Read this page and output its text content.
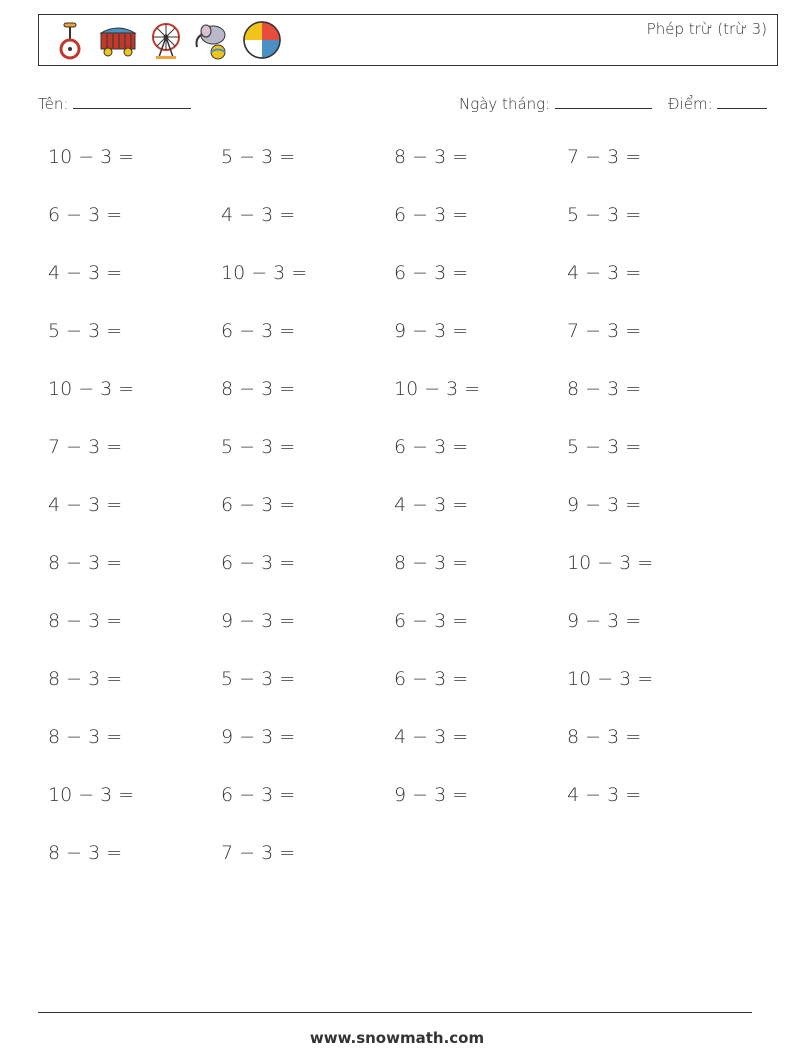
Phép trừ (trừ 3)
Tên:	Ngày tháng:	Điểm:
10 − 3 =	5 − 3 =	8 − 3 =	7 − 3 =
6 − 3 =	4 − 3 =	6 − 3 =	5 − 3 =
4 − 3 =	10 − 3 =	6 − 3 =	4 − 3 =
5 − 3 =	6 − 3 =	9 − 3 =	7 − 3 =
10 − 3 =	8 − 3 =	10 − 3 =	8 − 3 =
7 − 3 =	5 − 3 =	6 − 3 =	5 − 3 =
4 − 3 =	6 − 3 =	4 − 3 =	9 − 3 =
8 − 3 =	6 − 3 =	8 − 3 =	10 − 3 =
8 − 3 =	9 − 3 =	6 − 3 =	9 − 3 =
8 − 3 =	5 − 3 =	6 − 3 =	10 − 3 =
8 − 3 =	9 − 3 =	4 − 3 =	8 − 3 =
10 − 3 =	6 − 3 =	9 − 3 =	4 − 3 =
8 − 3 =	7 − 3 =
www.snowmath.com
